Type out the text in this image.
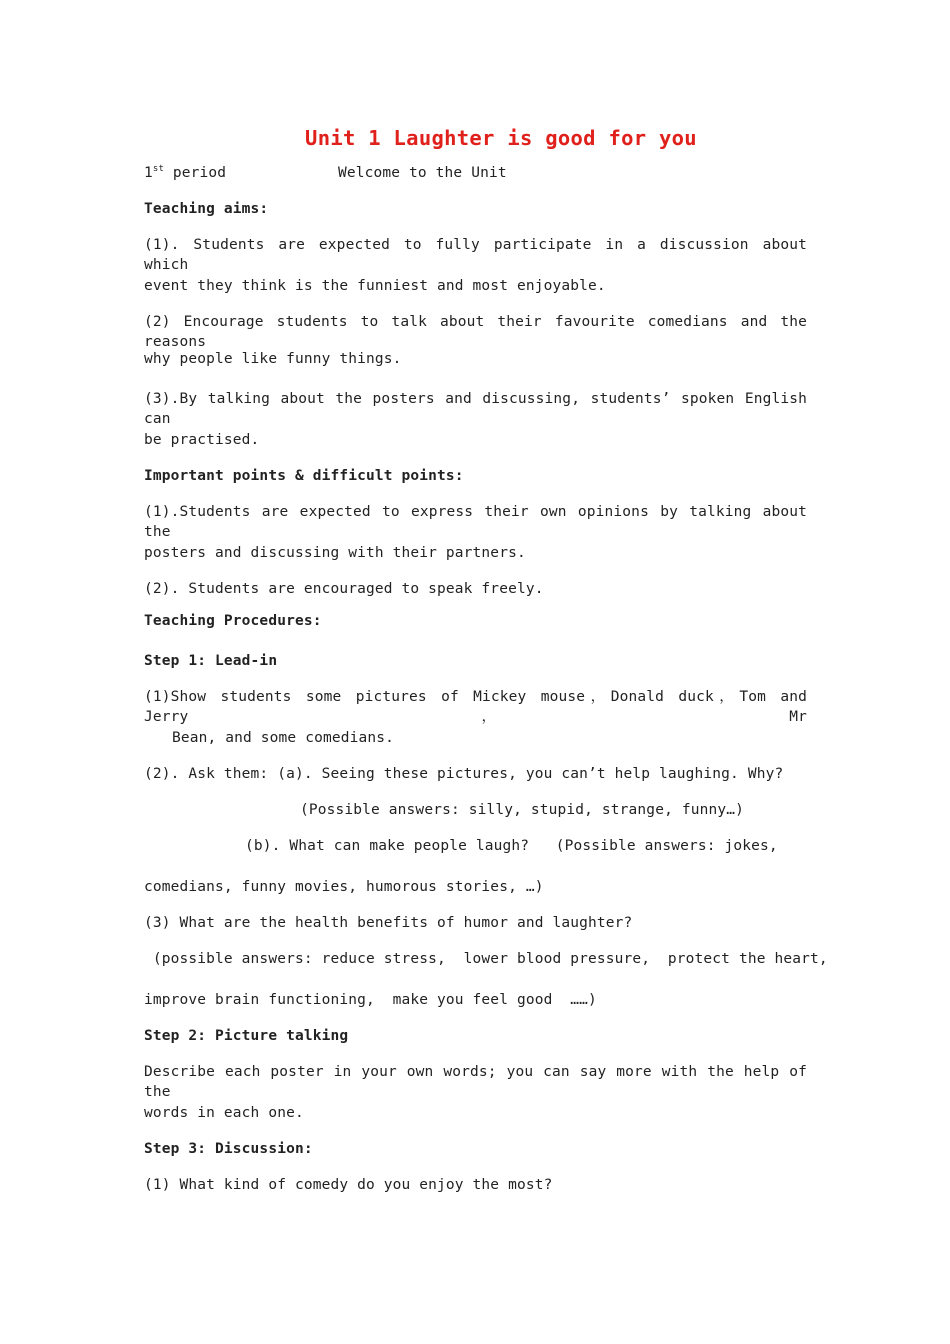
Unit 1 Laughter is good for you
1st period	Welcome to the Unit
Teaching aims:
(1). Students are expected to fully participate in a discussion about which
event they think is the funniest and most enjoyable.
(2) Encourage students to talk about their favourite comedians and the reasons
why people like funny things.
(3).By talking about the posters and discussing, students’ spoken English can
be practised.
Important points & difficult points:
(1).Students are expected to express their own opinions by talking about the
posters and discussing with their partners.
(2). Students are encouraged to speak freely.
Teaching Procedures:
Step 1: Lead-in
(1)Show students some pictures of Mickey mouse，Donald duck，Tom and Jerry，Mr
Bean, and some comedians.
(2). Ask them: (a). Seeing these pictures, you can’t help laughing. Why?
(Possible answers: silly, stupid, strange, funny…)
(b). What can make people laugh?   (Possible answers: jokes,
comedians, funny movies, humorous stories, …)
(3) What are the health benefits of humor and laughter?
(possible answers: reduce stress,  lower blood pressure,  protect the heart,
improve brain functioning,  make you feel good  ……)
Step 2: Picture talking
Describe each poster in your own words; you can say more with the help of the
words in each one.
Step 3: Discussion:
(1) What kind of comedy do you enjoy the most?
